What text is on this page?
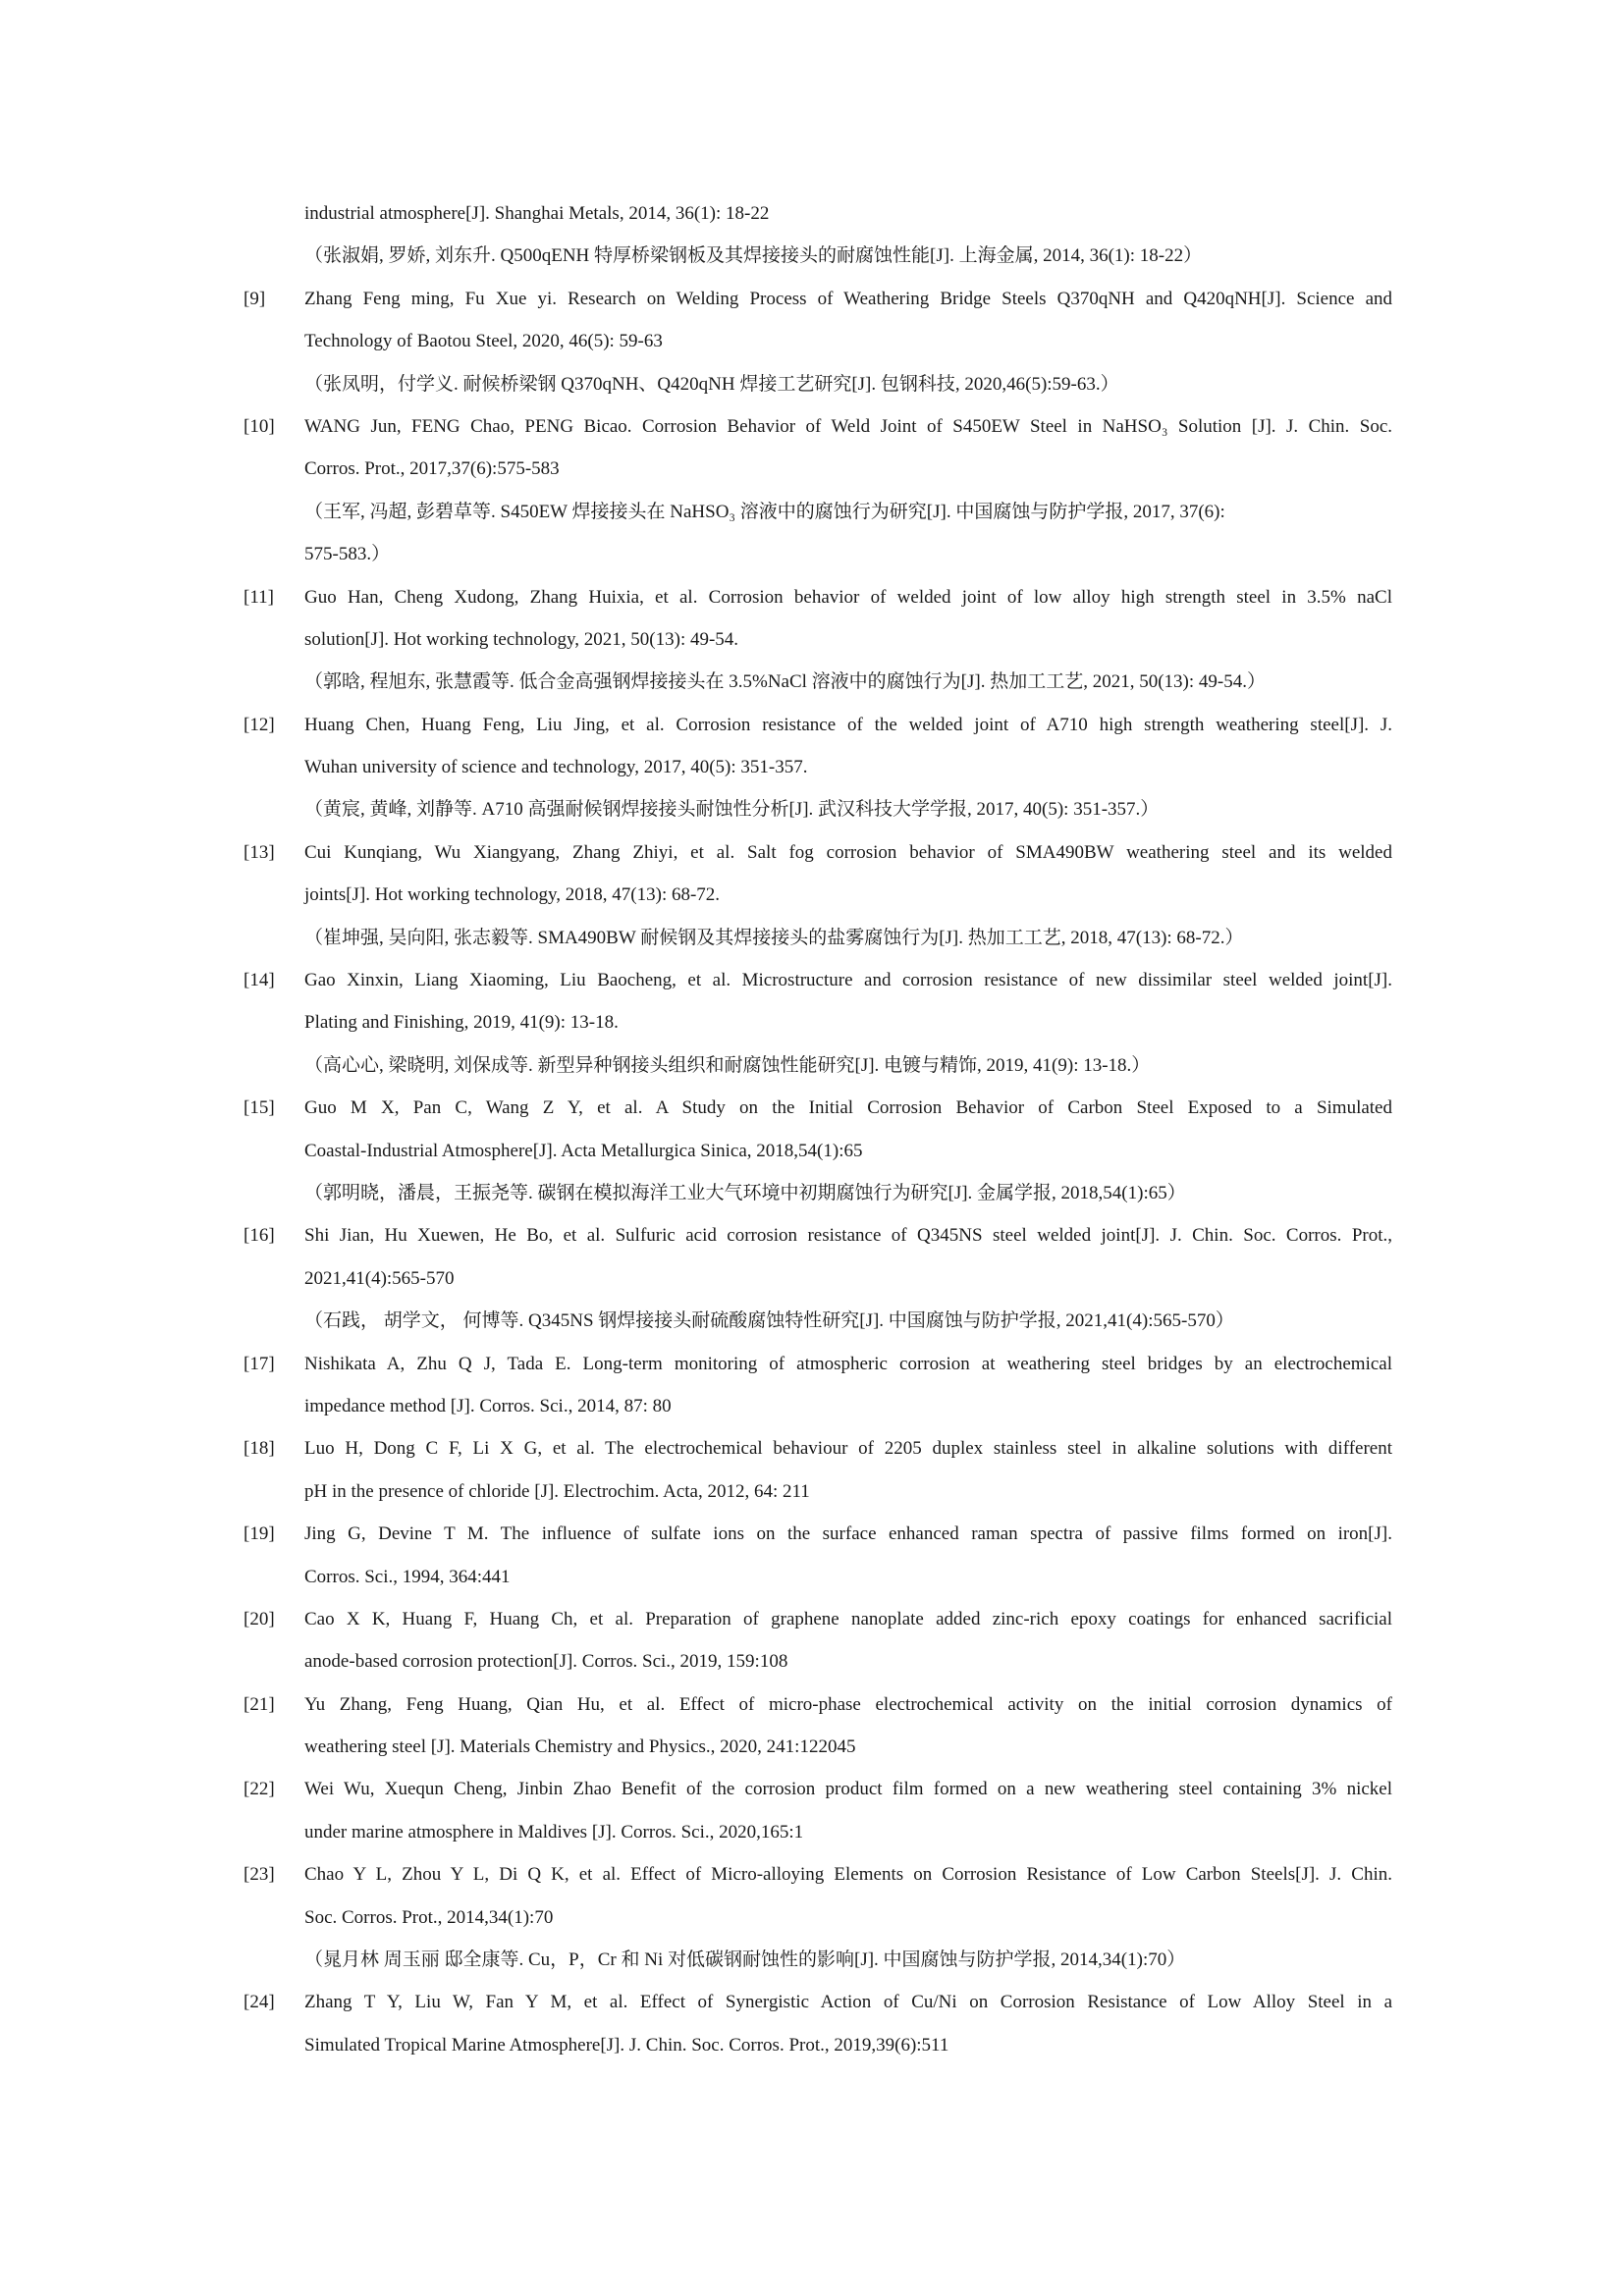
industrial atmosphere[J]. Shanghai Metals, 2014, 36(1): 18-22
（张淑娟, 罗娇, 刘东升. Q500qENH 特厚桥梁钢板及其焊接接头的耐腐蚀性能[J]. 上海金属, 2014, 36(1): 18-22）
[9]	Zhang Feng ming, Fu Xue yi. Research on Welding Process of Weathering Bridge Steels Q370qNH and Q420qNH[J]. Science and
Technology of Baotou Steel, 2020, 46(5): 59-63
（张凤明，付学义. 耐候桥梁钢 Q370qNH、Q420qNH 焊接工艺研究[J]. 包钢科技, 2020,46(5):59-63.）
[10]	WANG Jun, FENG Chao, PENG Bicao. Corrosion Behavior of Weld Joint of S450EW Steel in NaHSO₃ Solution [J]. J. Chin. Soc.
Corros. Prot., 2017,37(6):575-583
（王军, 冯超, 彭碧草等. S450EW 焊接接头在 NaHSO₃ 溶液中的腐蚀行为研究[J]. 中国腐蚀与防护学报, 2017, 37(6):
575-583.）
[11]	Guo Han, Cheng Xudong, Zhang Huixia, et al. Corrosion behavior of welded joint of low alloy high strength steel in 3.5% naCl
solution[J]. Hot working technology, 2021, 50(13): 49-54.
（郭晗, 程旭东, 张慧霞等. 低合金高强钢焊接接头在 3.5%NaCl 溶液中的腐蚀行为[J]. 热加工工艺, 2021, 50(13): 49-54.）
[12]	Huang Chen, Huang Feng, Liu Jing, et al. Corrosion resistance of the welded joint of A710 high strength weathering steel[J]. J.
Wuhan university of science and technology, 2017, 40(5): 351-357.
（黄宸, 黄峰, 刘静等. A710 高强耐候钢焊接接头耐蚀性分析[J]. 武汉科技大学学报, 2017, 40(5): 351-357.）
[13]	Cui Kunqiang, Wu Xiangyang, Zhang Zhiyi, et al. Salt fog corrosion behavior of SMA490BW weathering steel and its welded
joints[J]. Hot working technology, 2018, 47(13): 68-72.
（崔坤强, 吴向阳, 张志毅等. SMA490BW 耐候钢及其焊接接头的盐雾腐蚀行为[J]. 热加工工艺, 2018, 47(13): 68-72.）
[14]	Gao Xinxin, Liang Xiaoming, Liu Baocheng, et al. Microstructure and corrosion resistance of new dissimilar steel welded joint[J].
Plating and Finishing, 2019, 41(9): 13-18.
（高心心, 梁晓明, 刘保成等. 新型异种钢接头组织和耐腐蚀性能研究[J]. 电镀与精饰, 2019, 41(9): 13-18.）
[15]	Guo M X, Pan C, Wang Z Y, et al. A Study on the Initial Corrosion Behavior of Carbon Steel Exposed to a Simulated
Coastal-Industrial Atmosphere[J]. Acta Metallurgica Sinica, 2018,54(1):65
（郭明晓，潘晨，王振尧等. 碳钢在模拟海洋工业大气环境中初期腐蚀行为研究[J]. 金属学报, 2018,54(1):65）
[16]	Shi Jian, Hu Xuewen, He Bo, et al. Sulfuric acid corrosion resistance of Q345NS steel welded joint[J]. J. Chin. Soc. Corros. Prot.,
2021,41(4):565-570
（石践， 胡学文， 何博等. Q345NS 钢焊接接头耐硫酸腐蚀特性研究[J]. 中国腐蚀与防护学报, 2021,41(4):565-570）
[17]	Nishikata A, Zhu Q J, Tada E. Long-term monitoring of atmospheric corrosion at weathering steel bridges by an electrochemical
impedance method [J]. Corros. Sci., 2014, 87: 80
[18]	Luo H, Dong C F, Li X G, et al. The electrochemical behaviour of 2205 duplex stainless steel in alkaline solutions with different
pH in the presence of chloride [J]. Electrochim. Acta, 2012, 64: 211
[19]	Jing G, Devine T M. The influence of sulfate ions on the surface enhanced raman spectra of passive films formed on iron[J].
Corros. Sci., 1994, 364:441
[20]	Cao X K, Huang F, Huang Ch, et al. Preparation of graphene nanoplate added zinc-rich epoxy coatings for enhanced sacrificial
anode-based corrosion protection[J]. Corros. Sci., 2019, 159:108
[21]	Yu Zhang, Feng Huang, Qian Hu, et al. Effect of micro-phase electrochemical activity on the initial corrosion dynamics of
weathering steel [J]. Materials Chemistry and Physics., 2020, 241:122045
[22]	Wei Wu, Xuequn Cheng, Jinbin Zhao Benefit of the corrosion product film formed on a new weathering steel containing 3% nickel
under marine atmosphere in Maldives [J]. Corros. Sci., 2020,165:1
[23]	Chao Y L, Zhou Y L, Di Q K, et al. Effect of Micro-alloying Elements on Corrosion Resistance of Low Carbon Steels[J]. J. Chin.
Soc. Corros. Prot., 2014,34(1):70
（晁月林 周玉丽 邸全康等. Cu，P，Cr 和 Ni 对低碳钢耐蚀性的影响[J]. 中国腐蚀与防护学报, 2014,34(1):70）
[24]	Zhang T Y, Liu W, Fan Y M, et al. Effect of Synergistic Action of Cu/Ni on Corrosion Resistance of Low Alloy Steel in a
Simulated Tropical Marine Atmosphere[J]. J. Chin. Soc. Corros. Prot., 2019,39(6):511
